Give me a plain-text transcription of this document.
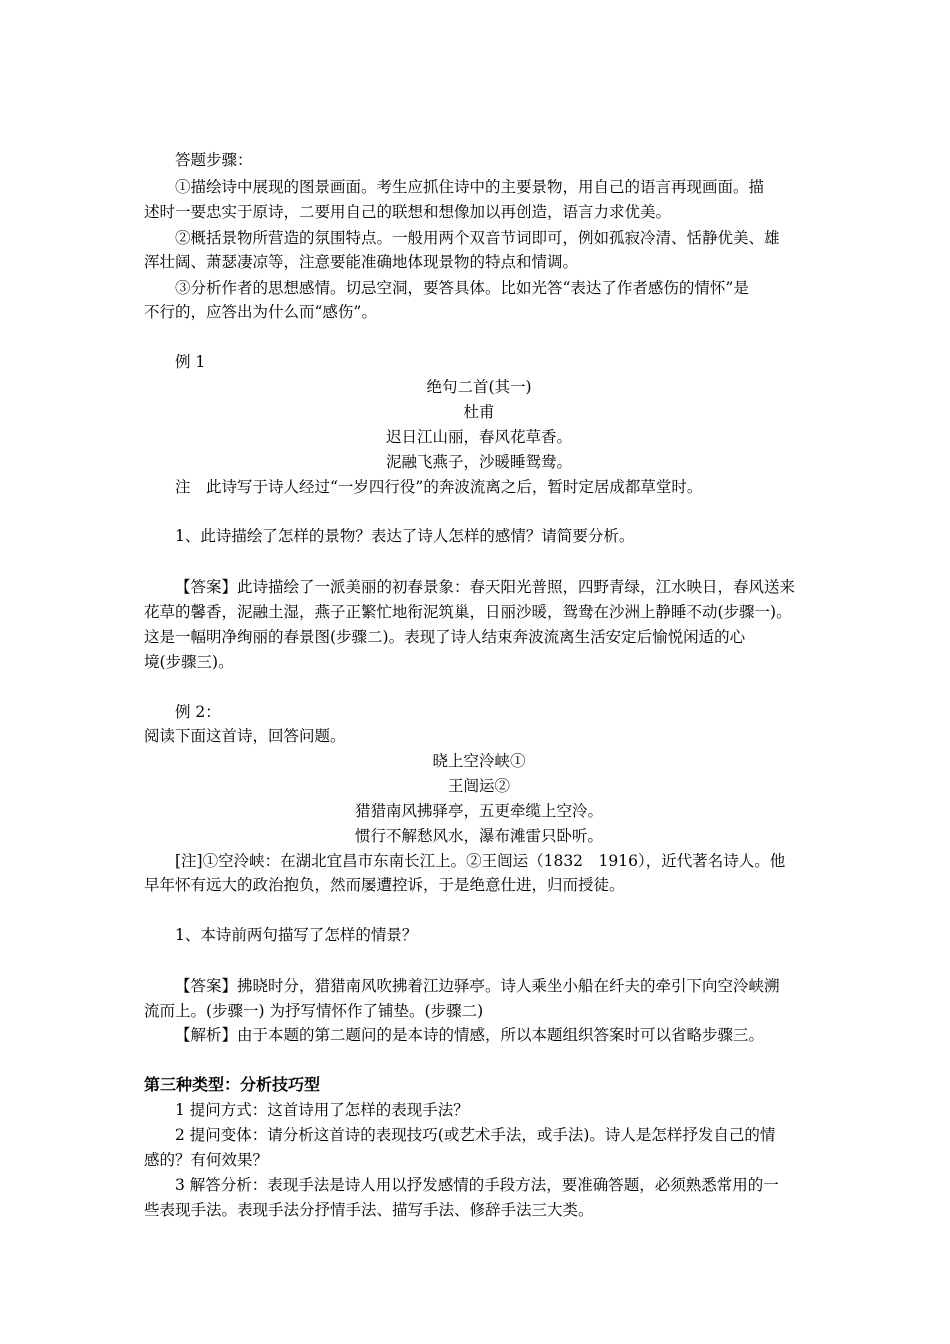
答题步骤：
①描绘诗中展现的图景画面。考生应抓住诗中的主要景物，用自己的语言再现画面。描
述时一要忠实于原诗，二要用自己的联想和想像加以再创造，语言力求优美。
②概括景物所营造的氛围特点。一般用两个双音节词即可，例如孤寂冷清、恬静优美、雄
浑壮阔、萧瑟凄凉等，注意要能准确地体现景物的特点和情调。
③分析作者的思想感情。切忌空洞，要答具体。比如光答“表达了作者感伤的情怀”是
不行的，应答出为什么而“感伤”。
例 1
绝句二首(其一)
杜甫
迟日江山丽，春风花草香。
泥融飞燕子，沙暖睡鸳鸯。
注　此诗写于诗人经过“一岁四行役”的奔波流离之后，暂时定居成都草堂时。
1、此诗描绘了怎样的景物？表达了诗人怎样的感情？请简要分析。
【答案】此诗描绘了一派美丽的初春景象：春天阳光普照，四野青绿，江水映日，春风送来
花草的馨香，泥融土湿，燕子正繁忙地衔泥筑巢，日丽沙暖，鸳鸯在沙洲上静睡不动(步骤一)。
这是一幅明净绚丽的春景图(步骤二)。表现了诗人结束奔波流离生活安定后愉悦闲适的心
境(步骤三)。
例 2：
阅读下面这首诗，回答问题。
晓上空泠峡①
王闿运②
猎猎南风拂驿亭，五更牵缆上空泠。
惯行不解愁风水，瀑布滩雷只卧听。
[注]①空泠峡：在湖北宜昌市东南长江上。②王闿运（1832　1916），近代著名诗人。他
早年怀有远大的政治抱负，然而屡遭控诉，于是绝意仕进，归而授徒。
1、本诗前两句描写了怎样的情景？
【答案】拂晓时分，猎猎南风吹拂着江边驿亭。诗人乘坐小船在纤夫的牵引下向空泠峡溯
流而上。(步骤一) 为抒写情怀作了铺垫。(步骤二)
【解析】由于本题的第二题问的是本诗的情感，所以本题组织答案时可以省略步骤三。
第三种类型：分析技巧型
1 提问方式：这首诗用了怎样的表现手法？
2 提问变体：请分析这首诗的表现技巧(或艺术手法，或手法)。诗人是怎样抒发自己的情
感的？有何效果？
3 解答分析：表现手法是诗人用以抒发感情的手段方法，要准确答题，必须熟悉常用的一
些表现手法。表现手法分抒情手法、描写手法、修辞手法三大类。
